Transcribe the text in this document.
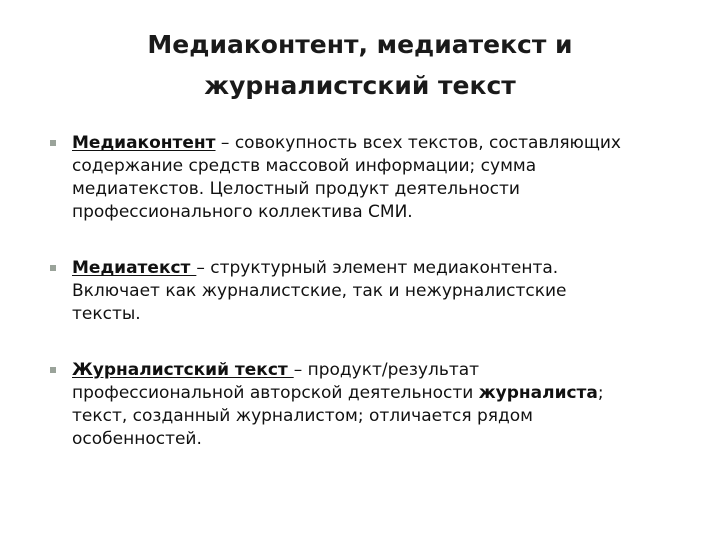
Медиаконтент, медиатекст и
журналистский текст
Медиаконтент – совокупность всех текстов, составляющих
содержание средств массовой информации; сумма
медиатекстов. Целостный продукт деятельности
профессионального коллектива СМИ.
Медиатекст – структурный элемент медиаконтента.
Включает как журналистские, так и нежурналистские
тексты.
Журналистский текст – продукт/результат
профессиональной авторской деятельности журналиста;
текст, созданный журналистом; отличается рядом
особенностей.
